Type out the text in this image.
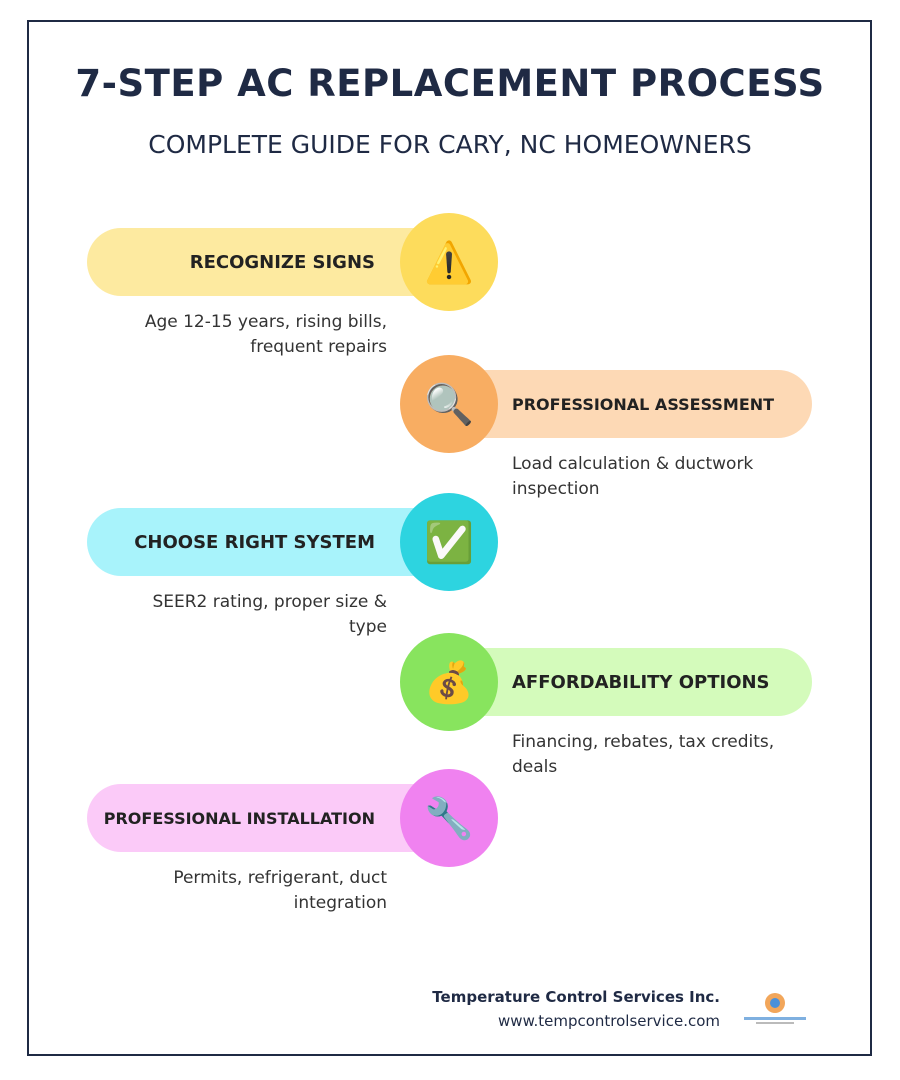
7-STEP AC REPLACEMENT PROCESS
COMPLETE GUIDE FOR CARY, NC HOMEOWNERS
RECOGNIZE SIGNS	⚠️
Age 12-15 years, rising bills, frequent repairs
PROFESSIONAL ASSESSMENT
🔍
Load calculation & ductwork inspection
CHOOSE RIGHT SYSTEM	✅
SEER2 rating, proper size & type
AFFORDABILITY OPTIONS
💰
Financing, rebates, tax credits, deals
PROFESSIONAL INSTALLATION	🔧
Permits, refrigerant, duct integration
Temperature Control Services Inc.
www.tempcontrolservice.com
